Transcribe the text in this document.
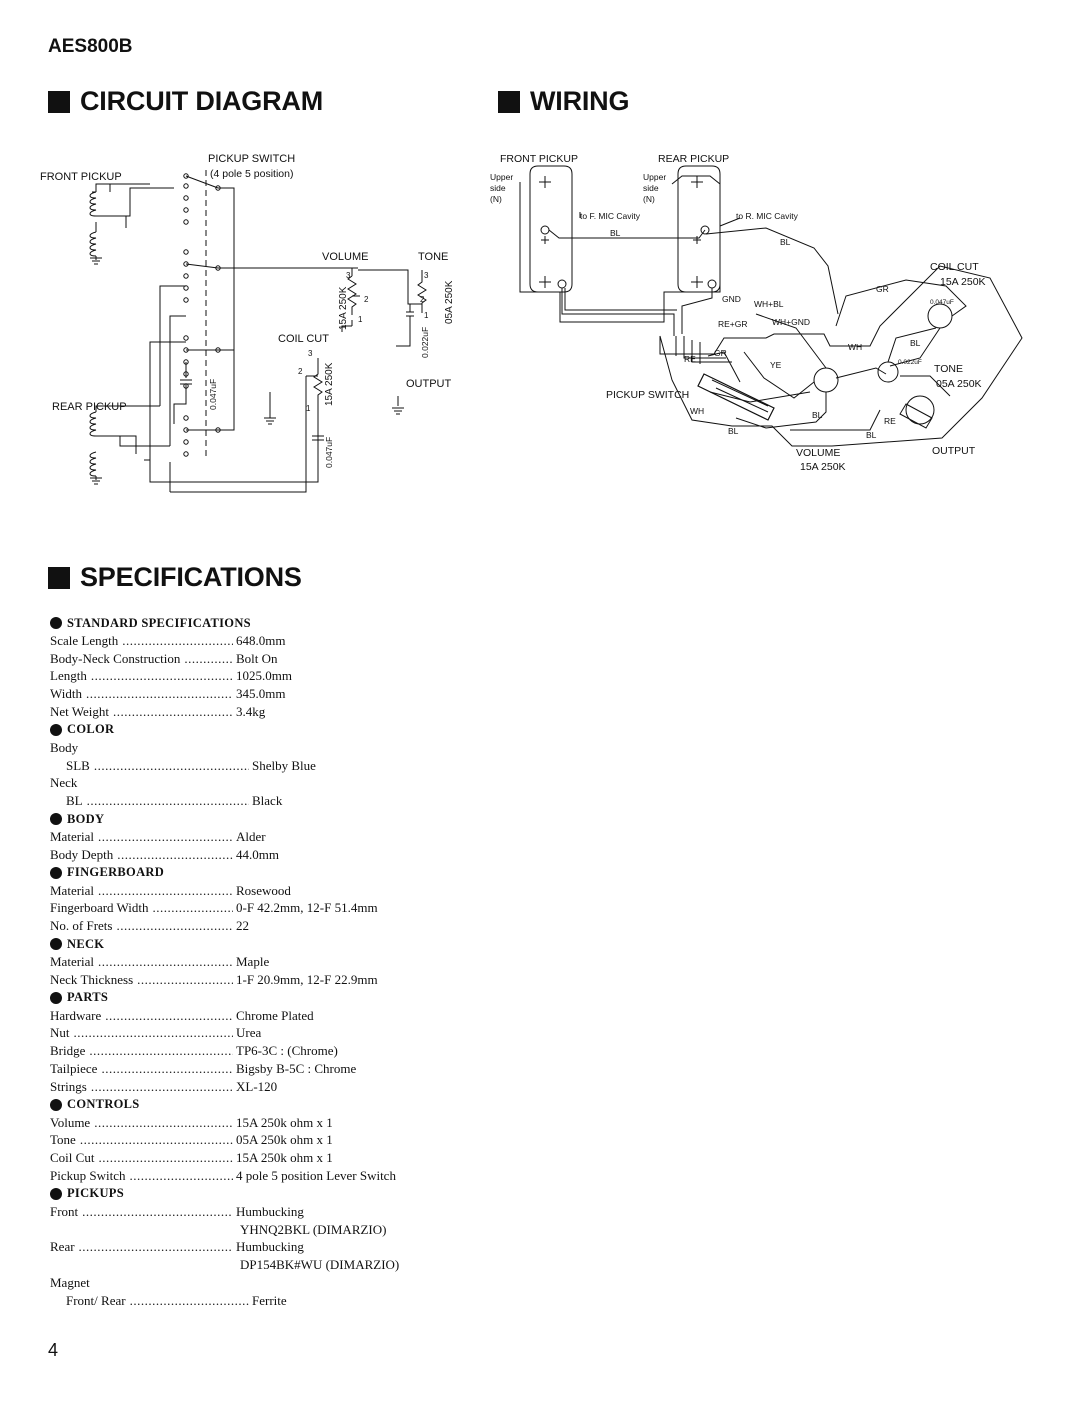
AES800B
CIRCUIT DIAGRAM	WIRING
SPECIFICATIONS
PICKUP SWITCH
(4 pole 5 position)
FRONT PICKUP
REAR PICKUP
VOLUME	TONE
COIL CUT
OUTPUT
3
2
1
3
2
1
3
2
1
15A 250K	05A 250K
15A 250K
0.022uF
0.047uF
0.047uF
FRONT PICKUP	REAR PICKUP
COIL CUT
15A 250K
TONE
05A 250K
PICKUP SWITCH
VOLUME
15A 250K
OUTPUT
Upper
side
(N)
Upper
side
(N)
to F. MIC Cavity	to R. MIC Cavity
BL
BL
GR
GND WH+BL
RE+GR	WH+GND
WH	BL
RE
GR
YE
WH	BL
RE
BL	BL
0.047uF
0.022uF
STANDARD SPECIFICATIONS
Scale Length .....	648.0mm
Body-Neck Construction .....	Bolt On
Length .....	1025.0mm
Width .....	345.0mm
Net Weight .....	3.4kg
COLOR
Body
SLB .....	Shelby Blue
Neck
BL .....	Black
BODY
Material .....	Alder
Body Depth .....	44.0mm
FINGERBOARD
Material .....	Rosewood
Fingerboard Width .....	0-F 42.2mm, 12-F 51.4mm
No. of Frets .....	22
NECK
Material .....	Maple
Neck Thickness .....	1-F 20.9mm, 12-F 22.9mm
PARTS
Hardware .....	Chrome Plated
Nut .....	Urea
Bridge .....	TP6-3C : (Chrome)
Tailpiece .....	Bigsby B-5C : Chrome
Strings .....	XL-120
CONTROLS
Volume .....	15A 250k ohm x 1
Tone .....	05A 250k ohm x 1
Coil Cut .....	15A 250k ohm x 1
Pickup Switch .....	4 pole 5 position Lever Switch
PICKUPS
Front .....	Humbucking
YHNQ2BKL (DIMARZIO)
Rear .....	Humbucking
DP154BK#WU (DIMARZIO)
Magnet
Front/ Rear .....	Ferrite
4
